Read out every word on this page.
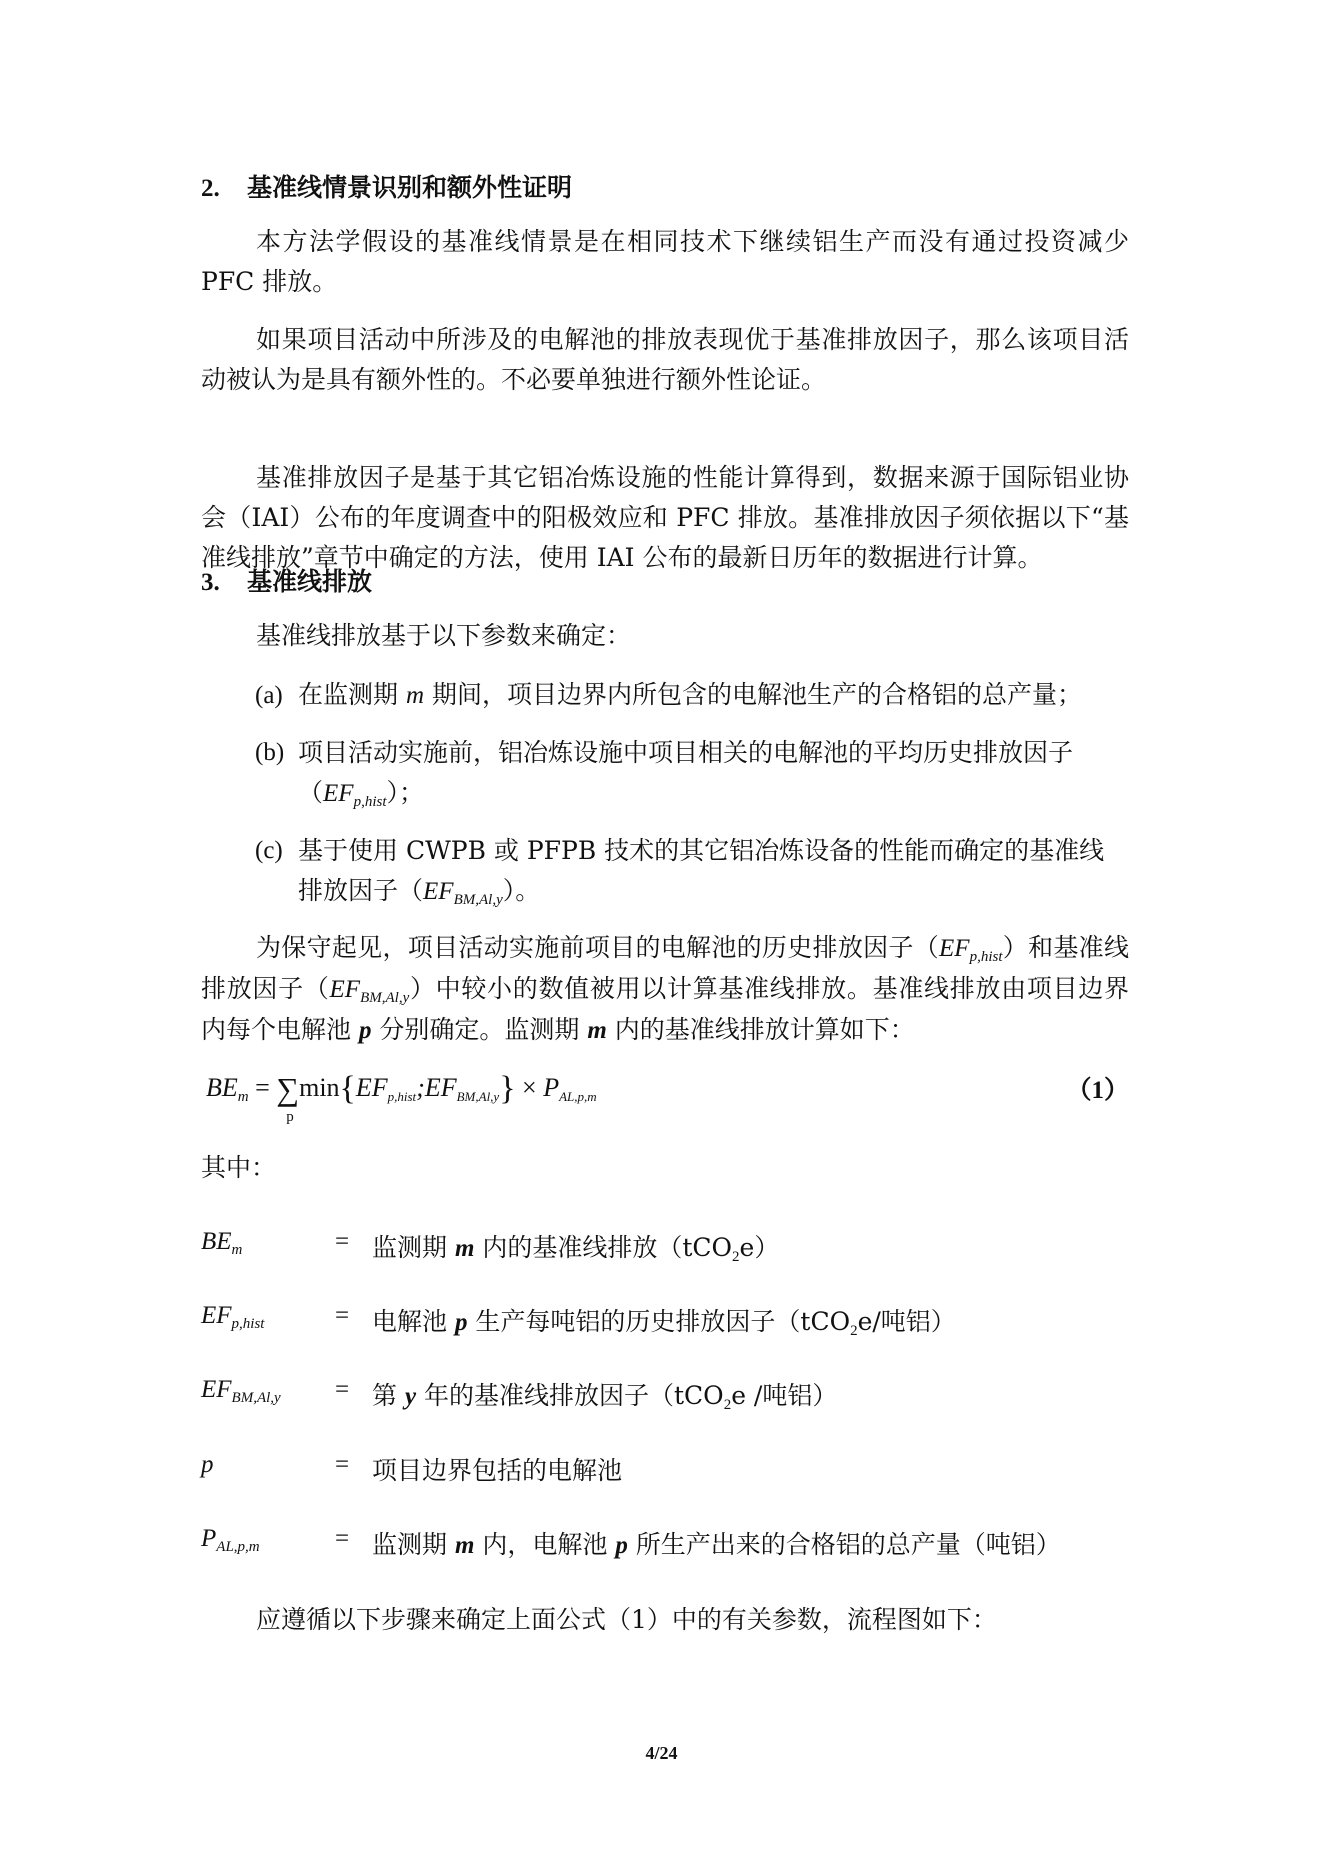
2. 基准线情景识别和额外性证明
本方法学假设的基准线情景是在相同技术下继续铝生产而没有通过投资减少 PFC 排放。
如果项目活动中所涉及的电解池的排放表现优于基准排放因子，那么该项目活动被认为是具有额外性的。不必要单独进行额外性论证。
基准排放因子是基于其它铝冶炼设施的性能计算得到，数据来源于国际铝业协会（IAI）公布的年度调查中的阳极效应和 PFC 排放。基准排放因子须依据以下“基准线排放”章节中确定的方法，使用 IAI 公布的最新日历年的数据进行计算。
3. 基准线排放
基准线排放基于以下参数来确定：
(a) 在监测期 m 期间，项目边界内所包含的电解池生产的合格铝的总产量；
(b) 项目活动实施前，铝冶炼设施中项目相关的电解池的平均历史排放因子
$(EF_{p,hist})$；
(c) 基于使用 CWPB 或 PFPB 技术的其它铝冶炼设备的性能而确定的基准线排放因子$(EF_{BM,Al,y})$。
为保守起见，项目活动实施前项目的电解池的历史排放因子$(EF_{p,hist})$和基准线排放因子$(EF_{BM,Al,y})$中较小的数值被用以计算基准线排放。基准线排放由项目边界内每个电解池 p 分别确定。监测期 m 内的基准线排放计算如下：
$BE_m$ = ∑
p
$\min\{EF_{p,hist};EF_{BM,Al,y}\} \times P_{AL,p,m}$	（1）
其中：
$BE_m$	= 监测期 m 内的基准线排放（tCO$_2$e）
$EF_{p,hist}$	= 电解池 p 生产每吨铝的历史排放因子（tCO$_2$e/吨铝）
$EF_{BM,Al,y}$ = 第 y 年的基准线排放因子（tCO$_2$e /吨铝）
p	= 项目边界包括的电解池
$P_{AL,p,m}$	= 监测期 m 内，电解池 p 所生产出来的合格铝的总产量（吨铝）
应遵循以下步骤来确定上面公式（1）中的有关参数，流程图如下：
4/24
